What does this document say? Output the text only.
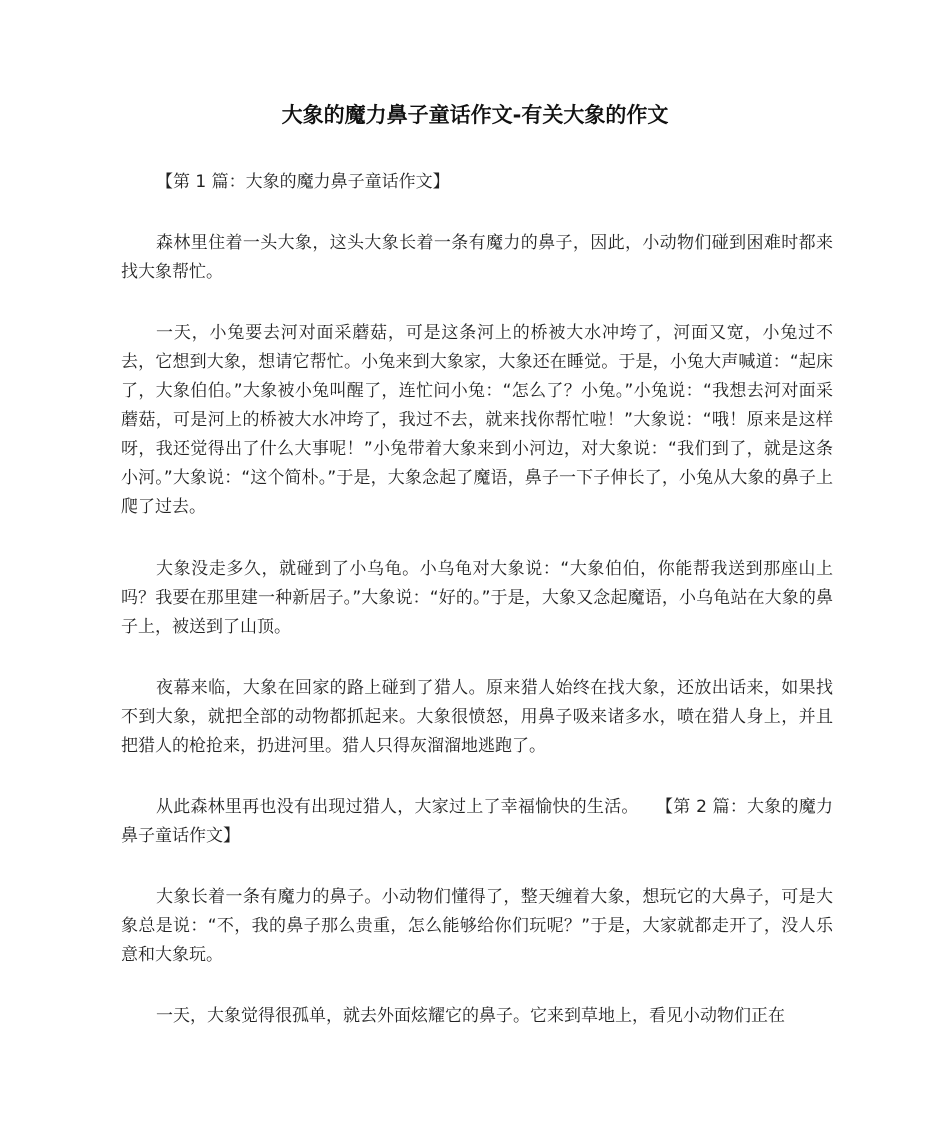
大象的魔力鼻子童话作文-有关大象的作文

【第 1 篇：大象的魔力鼻子童话作文】

森林里住着一头大象，这头大象长着一条有魔力的鼻子，因此，小动物们碰到困难时都来找大象帮忙。

一天，小兔要去河对面采蘑菇，可是这条河上的桥被大水冲垮了，河面又宽，小兔过不去，它想到大象，想请它帮忙。小兔来到大象家，大象还在睡觉。于是，小兔大声喊道：“起床了，大象伯伯。”大象被小兔叫醒了，连忙问小兔：“怎么了？小兔。”小兔说：“我想去河对面采蘑菇，可是河上的桥被大水冲垮了，我过不去，就来找你帮忙啦！”大象说：“哦！原来是这样呀，我还觉得出了什么大事呢！”小兔带着大象来到小河边，对大象说：“我们到了，就是这条小河。”大象说：“这个简朴。”于是，大象念起了魔语，鼻子一下子伸长了，小兔从大象的鼻子上爬了过去。

大象没走多久，就碰到了小乌龟。小乌龟对大象说：“大象伯伯，你能帮我送到那座山上吗？我要在那里建一种新居子。”大象说：“好的。”于是，大象又念起魔语，小乌龟站在大象的鼻子上，被送到了山顶。

夜幕来临，大象在回家的路上碰到了猎人。原来猎人始终在找大象，还放出话来，如果找不到大象，就把全部的动物都抓起来。大象很愤怒，用鼻子吸来诸多水，喷在猎人身上，并且把猎人的枪抢来，扔进河里。猎人只得灰溜溜地逃跑了。

从此森林里再也没有出现过猎人，大家过上了幸福愉快的生活。　　【第 2 篇：大象的魔力鼻子童话作文】

大象长着一条有魔力的鼻子。小动物们懂得了，整天缠着大象，想玩它的大鼻子，可是大象总是说：“不，我的鼻子那么贵重，怎么能够给你们玩呢？”于是，大家就都走开了，没人乐意和大象玩。

一天，大象觉得很孤单，就去外面炫耀它的鼻子。它来到草地上，看见小动物们正在
